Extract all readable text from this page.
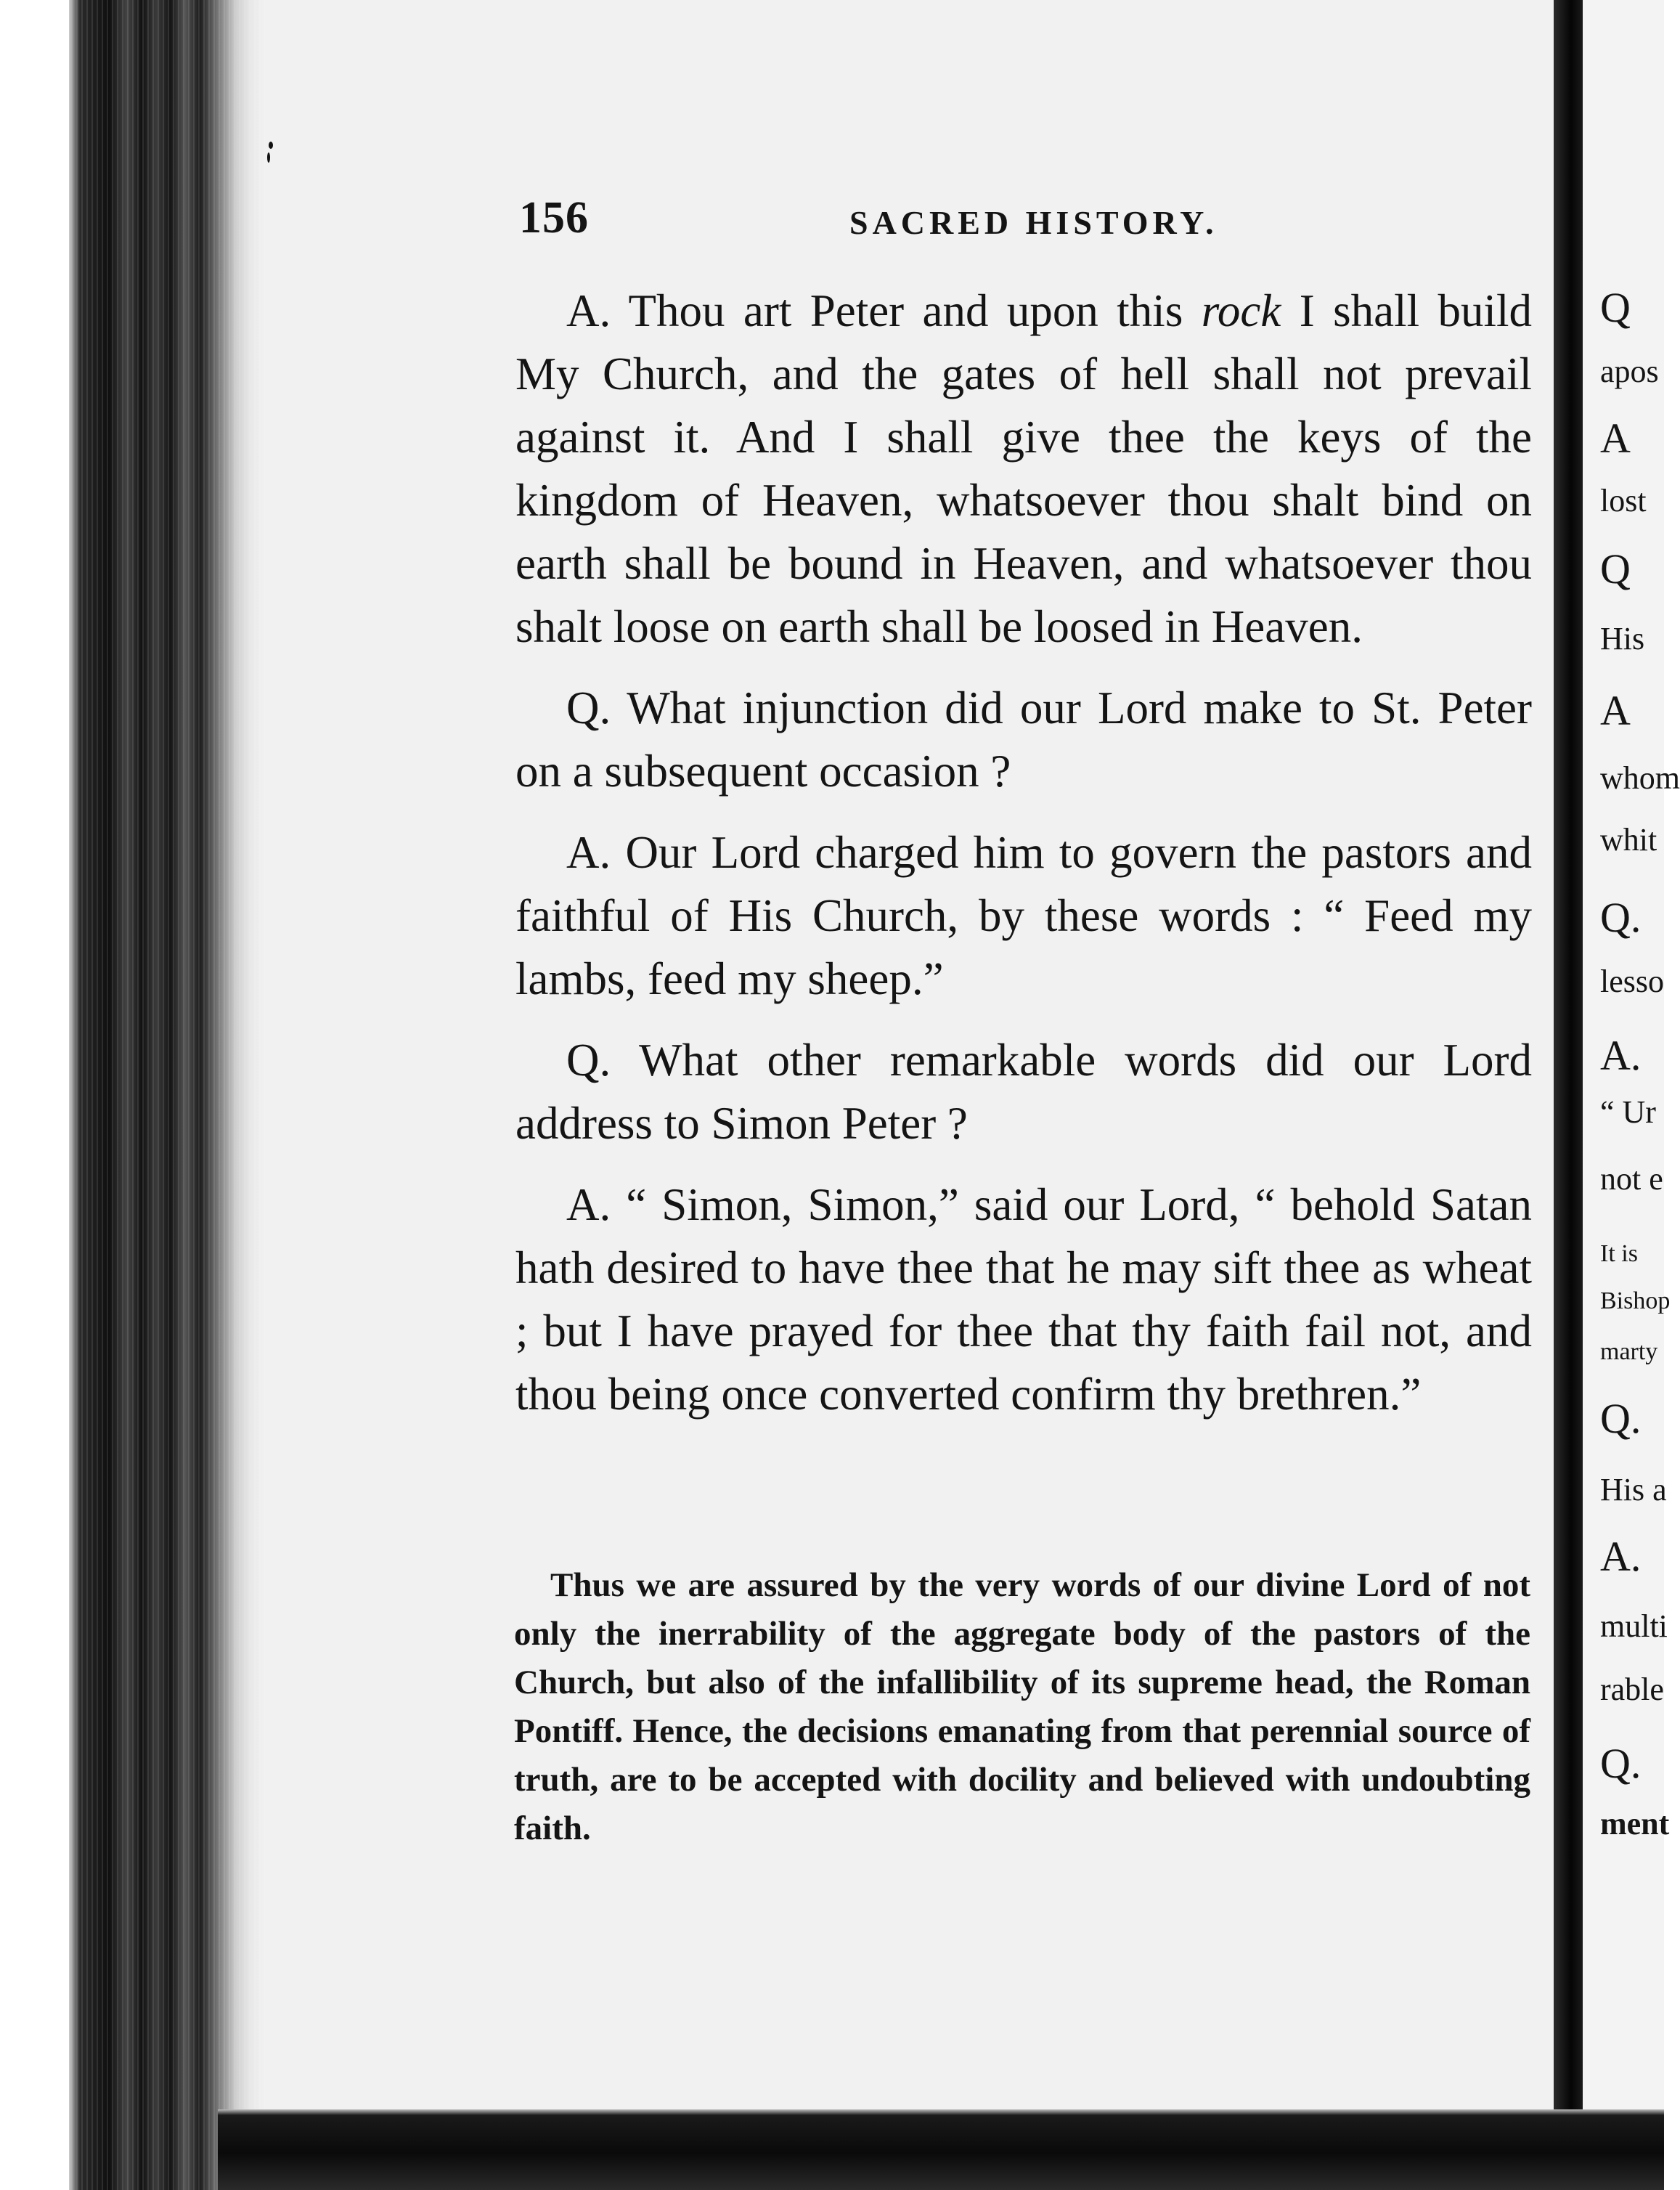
Q
apos
A
lost
Q
His
A
whom
whit
Q.
lesso
A.
“ Ur
not e
It is
Bishop
marty
Q.
His a
A.
multi
rable
Q.
ment
156	SACRED HISTORY.

A. Thou art Peter and upon this rock I shall build My Church, and the gates of hell shall not prevail against it. And I shall give thee the keys of the kingdom of Heaven, whatsoever thou shalt bind on earth shall be bound in Heaven, and whatsoever thou shalt loose on earth shall be loosed in Heaven.

Q. What injunction did our Lord make to St. Peter on a subsequent occasion ?

A. Our Lord charged him to govern the pastors and faithful of His Church, by these words : “ Feed my lambs, feed my sheep.”

Q. What other remarkable words did our Lord address to Simon Peter ?

A. “ Simon, Simon,” said our Lord, “ behold Satan hath desired to have thee that he may sift thee as wheat ; but I have prayed for thee that thy faith fail not, and thou being once converted confirm thy brethren.”

Thus we are assured by the very words of our divine Lord of not only the inerrability of the aggregate body of the pastors of the Church, but also of the infallibility of its supreme head, the Roman Pontiff. Hence, the decisions emanating from that perennial source of truth, are to be accepted with docility and believed with undoubting faith.
